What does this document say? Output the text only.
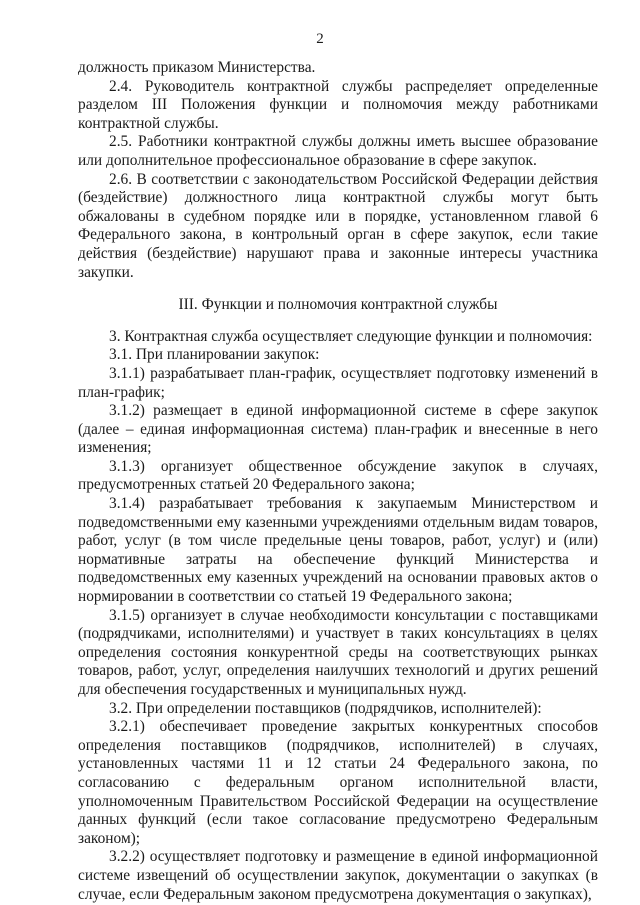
2

должность приказом Министерства.

2.4. Руководитель контрактной службы распределяет определенные разделом III Положения функции и полномочия между работниками контрактной службы.

2.5. Работники контрактной службы должны иметь высшее образование или дополнительное профессиональное образование в сфере закупок.

2.6. В соответствии с законодательством Российской Федерации действия (бездействие) должностного лица контрактной службы могут быть обжалованы в судебном порядке или в порядке, установленном главой 6 Федерального закона, в контрольный орган в сфере закупок, если такие действия (бездействие) нарушают права и законные интересы участника закупки.

III. Функции и полномочия контрактной службы

3. Контрактная служба осуществляет следующие функции и полномочия:

3.1. При планировании закупок:

3.1.1) разрабатывает план-график, осуществляет подготовку изменений в план-график;

3.1.2) размещает в единой информационной системе в сфере закупок (далее – единая информационная система) план-график и внесенные в него изменения;

3.1.3) организует общественное обсуждение закупок в случаях, предусмотренных статьей 20 Федерального закона;

3.1.4) разрабатывает требования к закупаемым Министерством и подведомственными ему казенными учреждениями отдельным видам товаров, работ, услуг (в том числе предельные цены товаров, работ, услуг) и (или) нормативные затраты на обеспечение функций Министерства и подведомственных ему казенных учреждений на основании правовых актов о нормировании в соответствии со статьей 19 Федерального закона;

3.1.5) организует в случае необходимости консультации с поставщиками (подрядчиками, исполнителями) и участвует в таких консультациях в целях определения состояния конкурентной среды на соответствующих рынках товаров, работ, услуг, определения наилучших технологий и других решений для обеспечения государственных и муниципальных нужд.

3.2. При определении поставщиков (подрядчиков, исполнителей):

3.2.1) обеспечивает проведение закрытых конкурентных способов определения поставщиков (подрядчиков, исполнителей) в случаях, установленных частями 11 и 12 статьи 24 Федерального закона, по согласованию с федеральным органом исполнительной власти, уполномоченным Правительством Российской Федерации на осуществление данных функций (если такое согласование предусмотрено Федеральным законом);

3.2.2) осуществляет подготовку и размещение в единой информационной системе извещений об осуществлении закупок, документации о закупках (в случае, если Федеральным законом предусмотрена документация о закупках),
